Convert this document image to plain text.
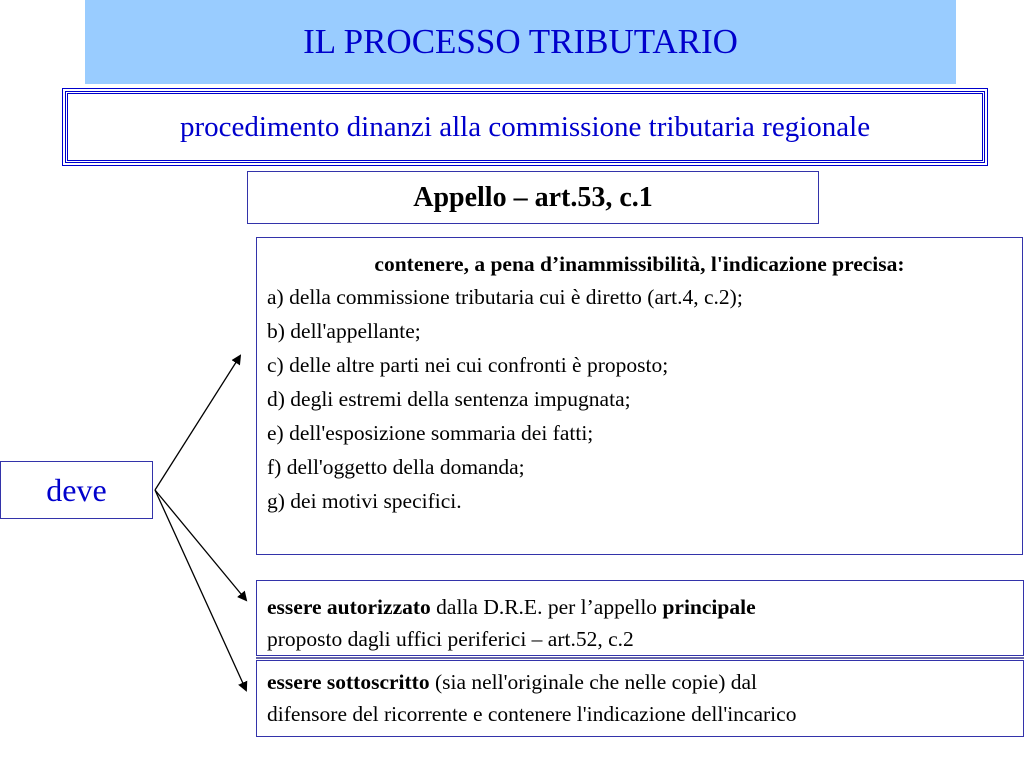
IL PROCESSO TRIBUTARIO
procedimento dinanzi alla commissione tributaria regionale
Appello – art.53, c.1
contenere, a pena d’inammissibilità, l'indicazione precisa:
a) della commissione tributaria cui è diretto (art.4, c.2);
b) dell'appellante;
c) delle altre parti nei cui confronti è proposto;
d) degli estremi della sentenza impugnata;
e) dell'esposizione sommaria dei fatti;
f) dell'oggetto della domanda;
g) dei motivi specifici.
deve
essere autorizzato dalla D.R.E. per l’appello principale
proposto dagli uffici periferici – art.52, c.2
essere sottoscritto (sia nell'originale che nelle copie) dal
difensore del ricorrente e contenere l'indicazione dell'incarico
